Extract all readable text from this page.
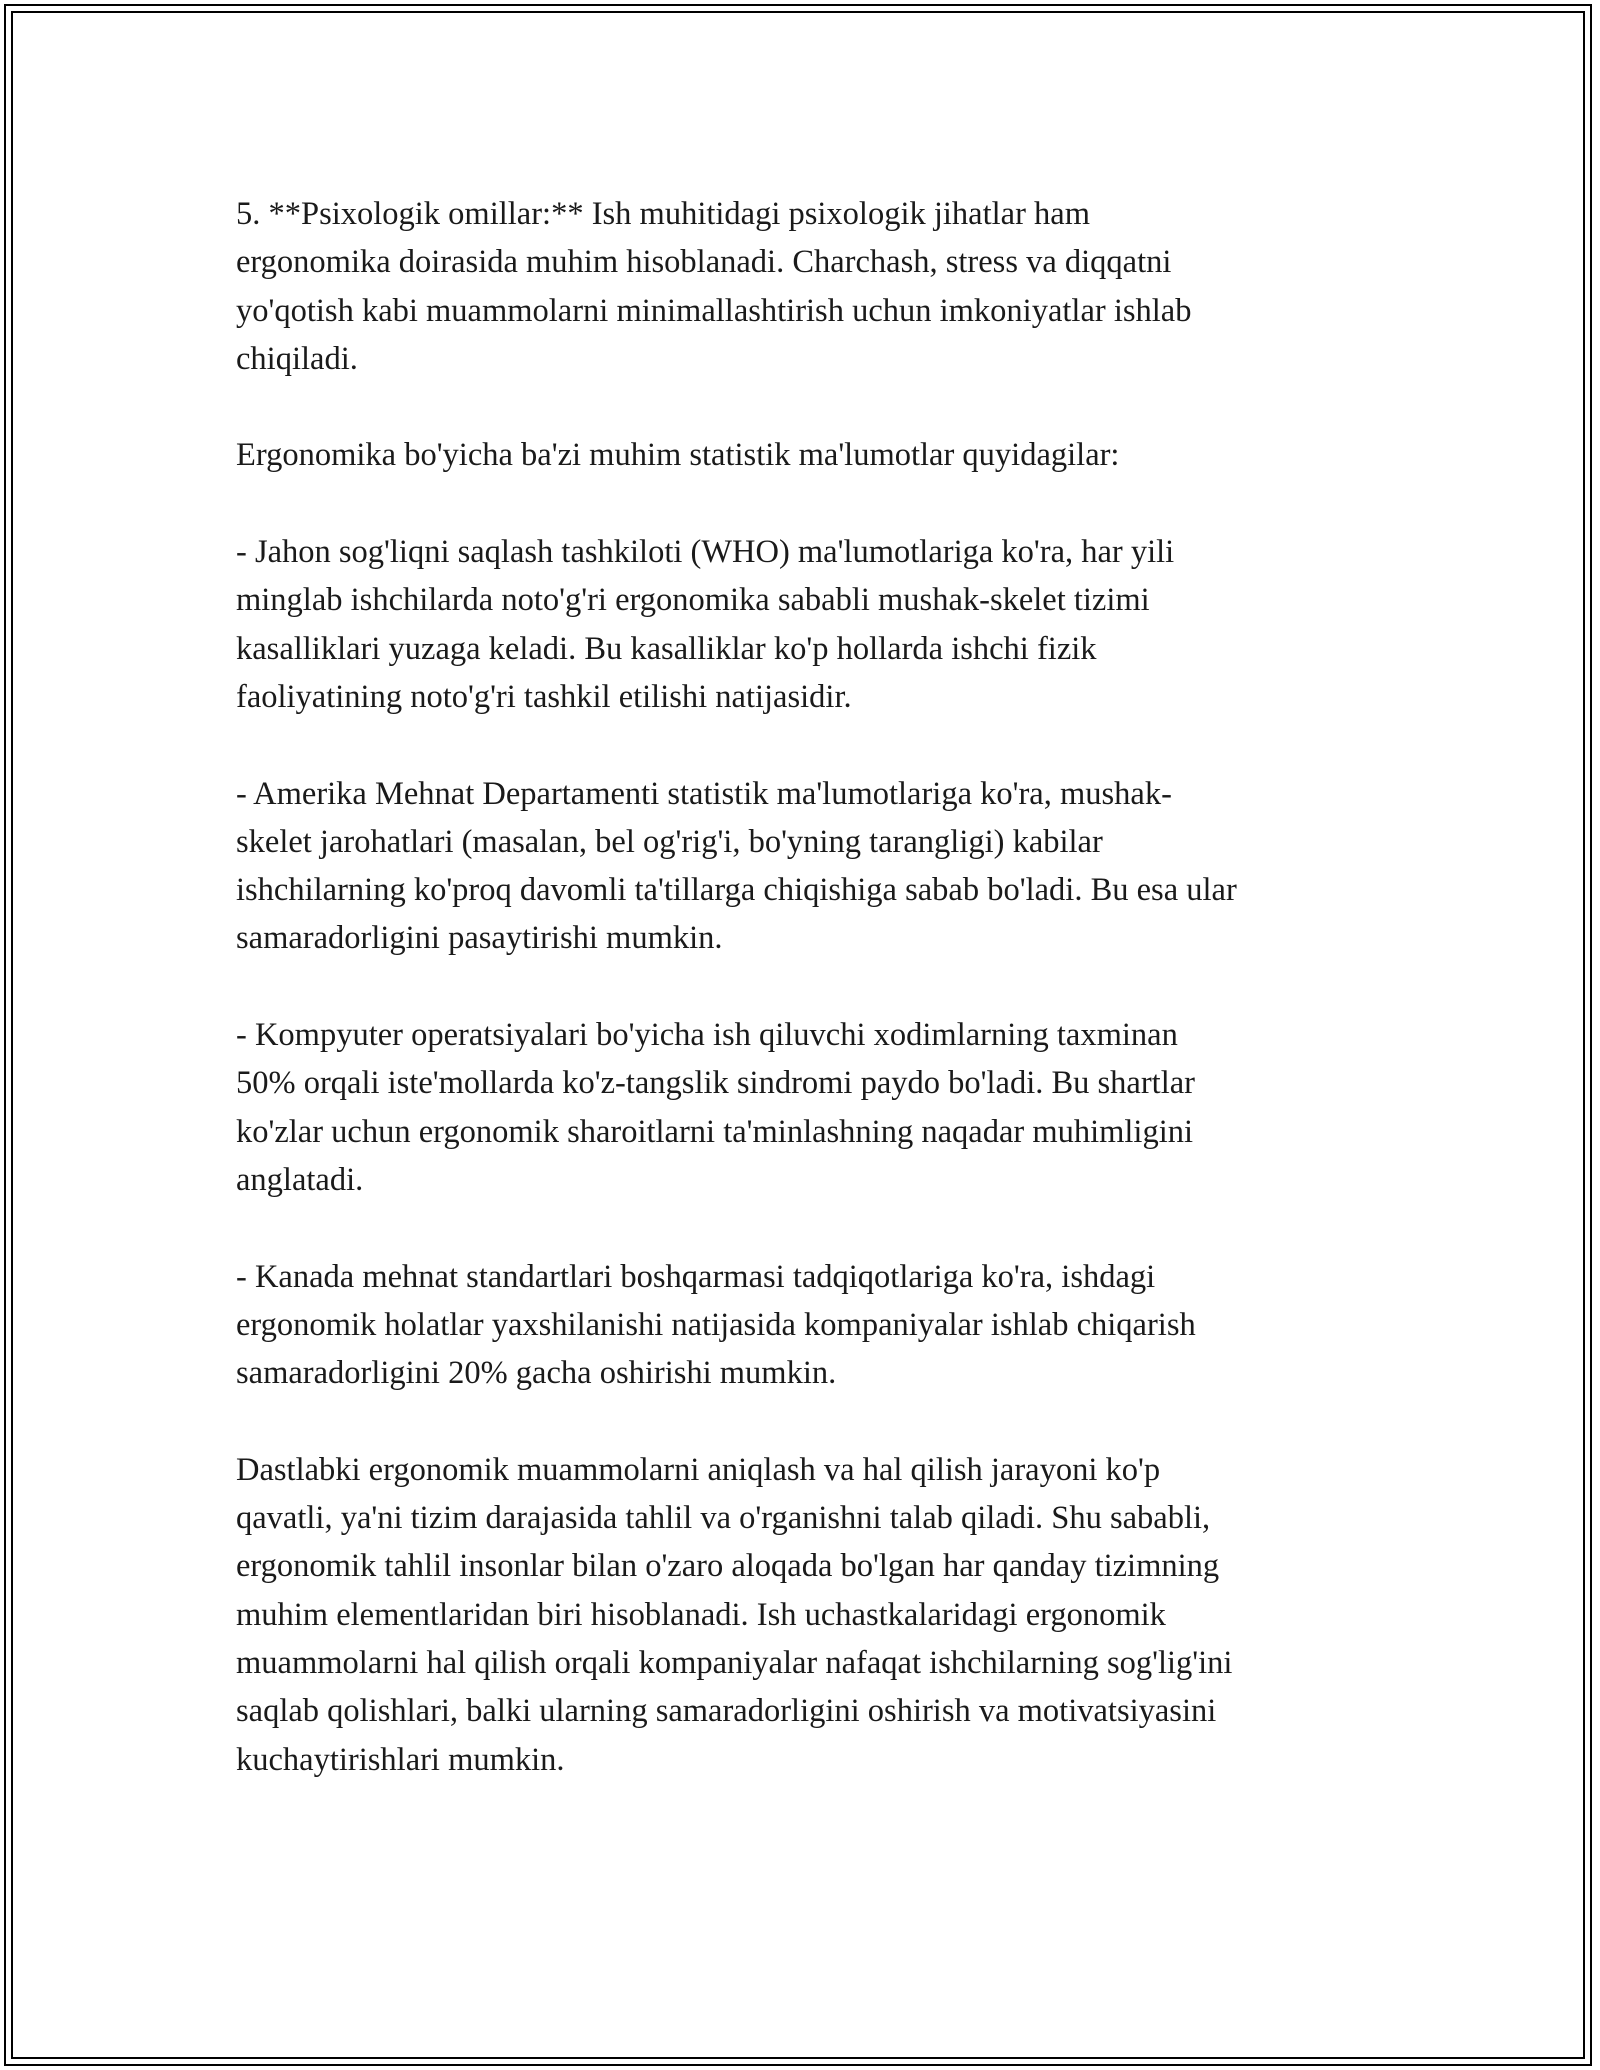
5. **Psixologik omillar:** Ish muhitidagi psixologik jihatlar ham
ergonomika doirasida muhim hisoblanadi. Charchash, stress va diqqatni
yo'qotish kabi muammolarni minimallashtirish uchun imkoniyatlar ishlab
chiqiladi.

Ergonomika bo'yicha ba'zi muhim statistik ma'lumotlar quyidagilar:

- Jahon sog'liqni saqlash tashkiloti (WHO) ma'lumotlariga ko'ra, har yili
minglab ishchilarda noto'g'ri ergonomika sababli mushak-skelet tizimi
kasalliklari yuzaga keladi. Bu kasalliklar ko'p hollarda ishchi fizik
faoliyatining noto'g'ri tashkil etilishi natijasidir.

- Amerika Mehnat Departamenti statistik ma'lumotlariga ko'ra, mushak-
skelet jarohatlari (masalan, bel og'rig'i, bo'yning tarangligi) kabilar
ishchilarning ko'proq davomli ta'tillarga chiqishiga sabab bo'ladi. Bu esa ular
samaradorligini pasaytirishi mumkin.

- Kompyuter operatsiyalari bo'yicha ish qiluvchi xodimlarning taxminan
50% orqali iste'mollarda ko'z-tangslik sindromi paydo bo'ladi. Bu shartlar
ko'zlar uchun ergonomik sharoitlarni ta'minlashning naqadar muhimligini
anglatadi.

- Kanada mehnat standartlari boshqarmasi tadqiqotlariga ko'ra, ishdagi
ergonomik holatlar yaxshilanishi natijasida kompaniyalar ishlab chiqarish
samaradorligini 20% gacha oshirishi mumkin.

Dastlabki ergonomik muammolarni aniqlash va hal qilish jarayoni ko'p
qavatli, ya'ni tizim darajasida tahlil va o'rganishni talab qiladi. Shu sababli,
ergonomik tahlil insonlar bilan o'zaro aloqada bo'lgan har qanday tizimning
muhim elementlaridan biri hisoblanadi. Ish uchastkalaridagi ergonomik
muammolarni hal qilish orqali kompaniyalar nafaqat ishchilarning sog'lig'ini
saqlab qolishlari, balki ularning samaradorligini oshirish va motivatsiyasini
kuchaytirishlari mumkin.
